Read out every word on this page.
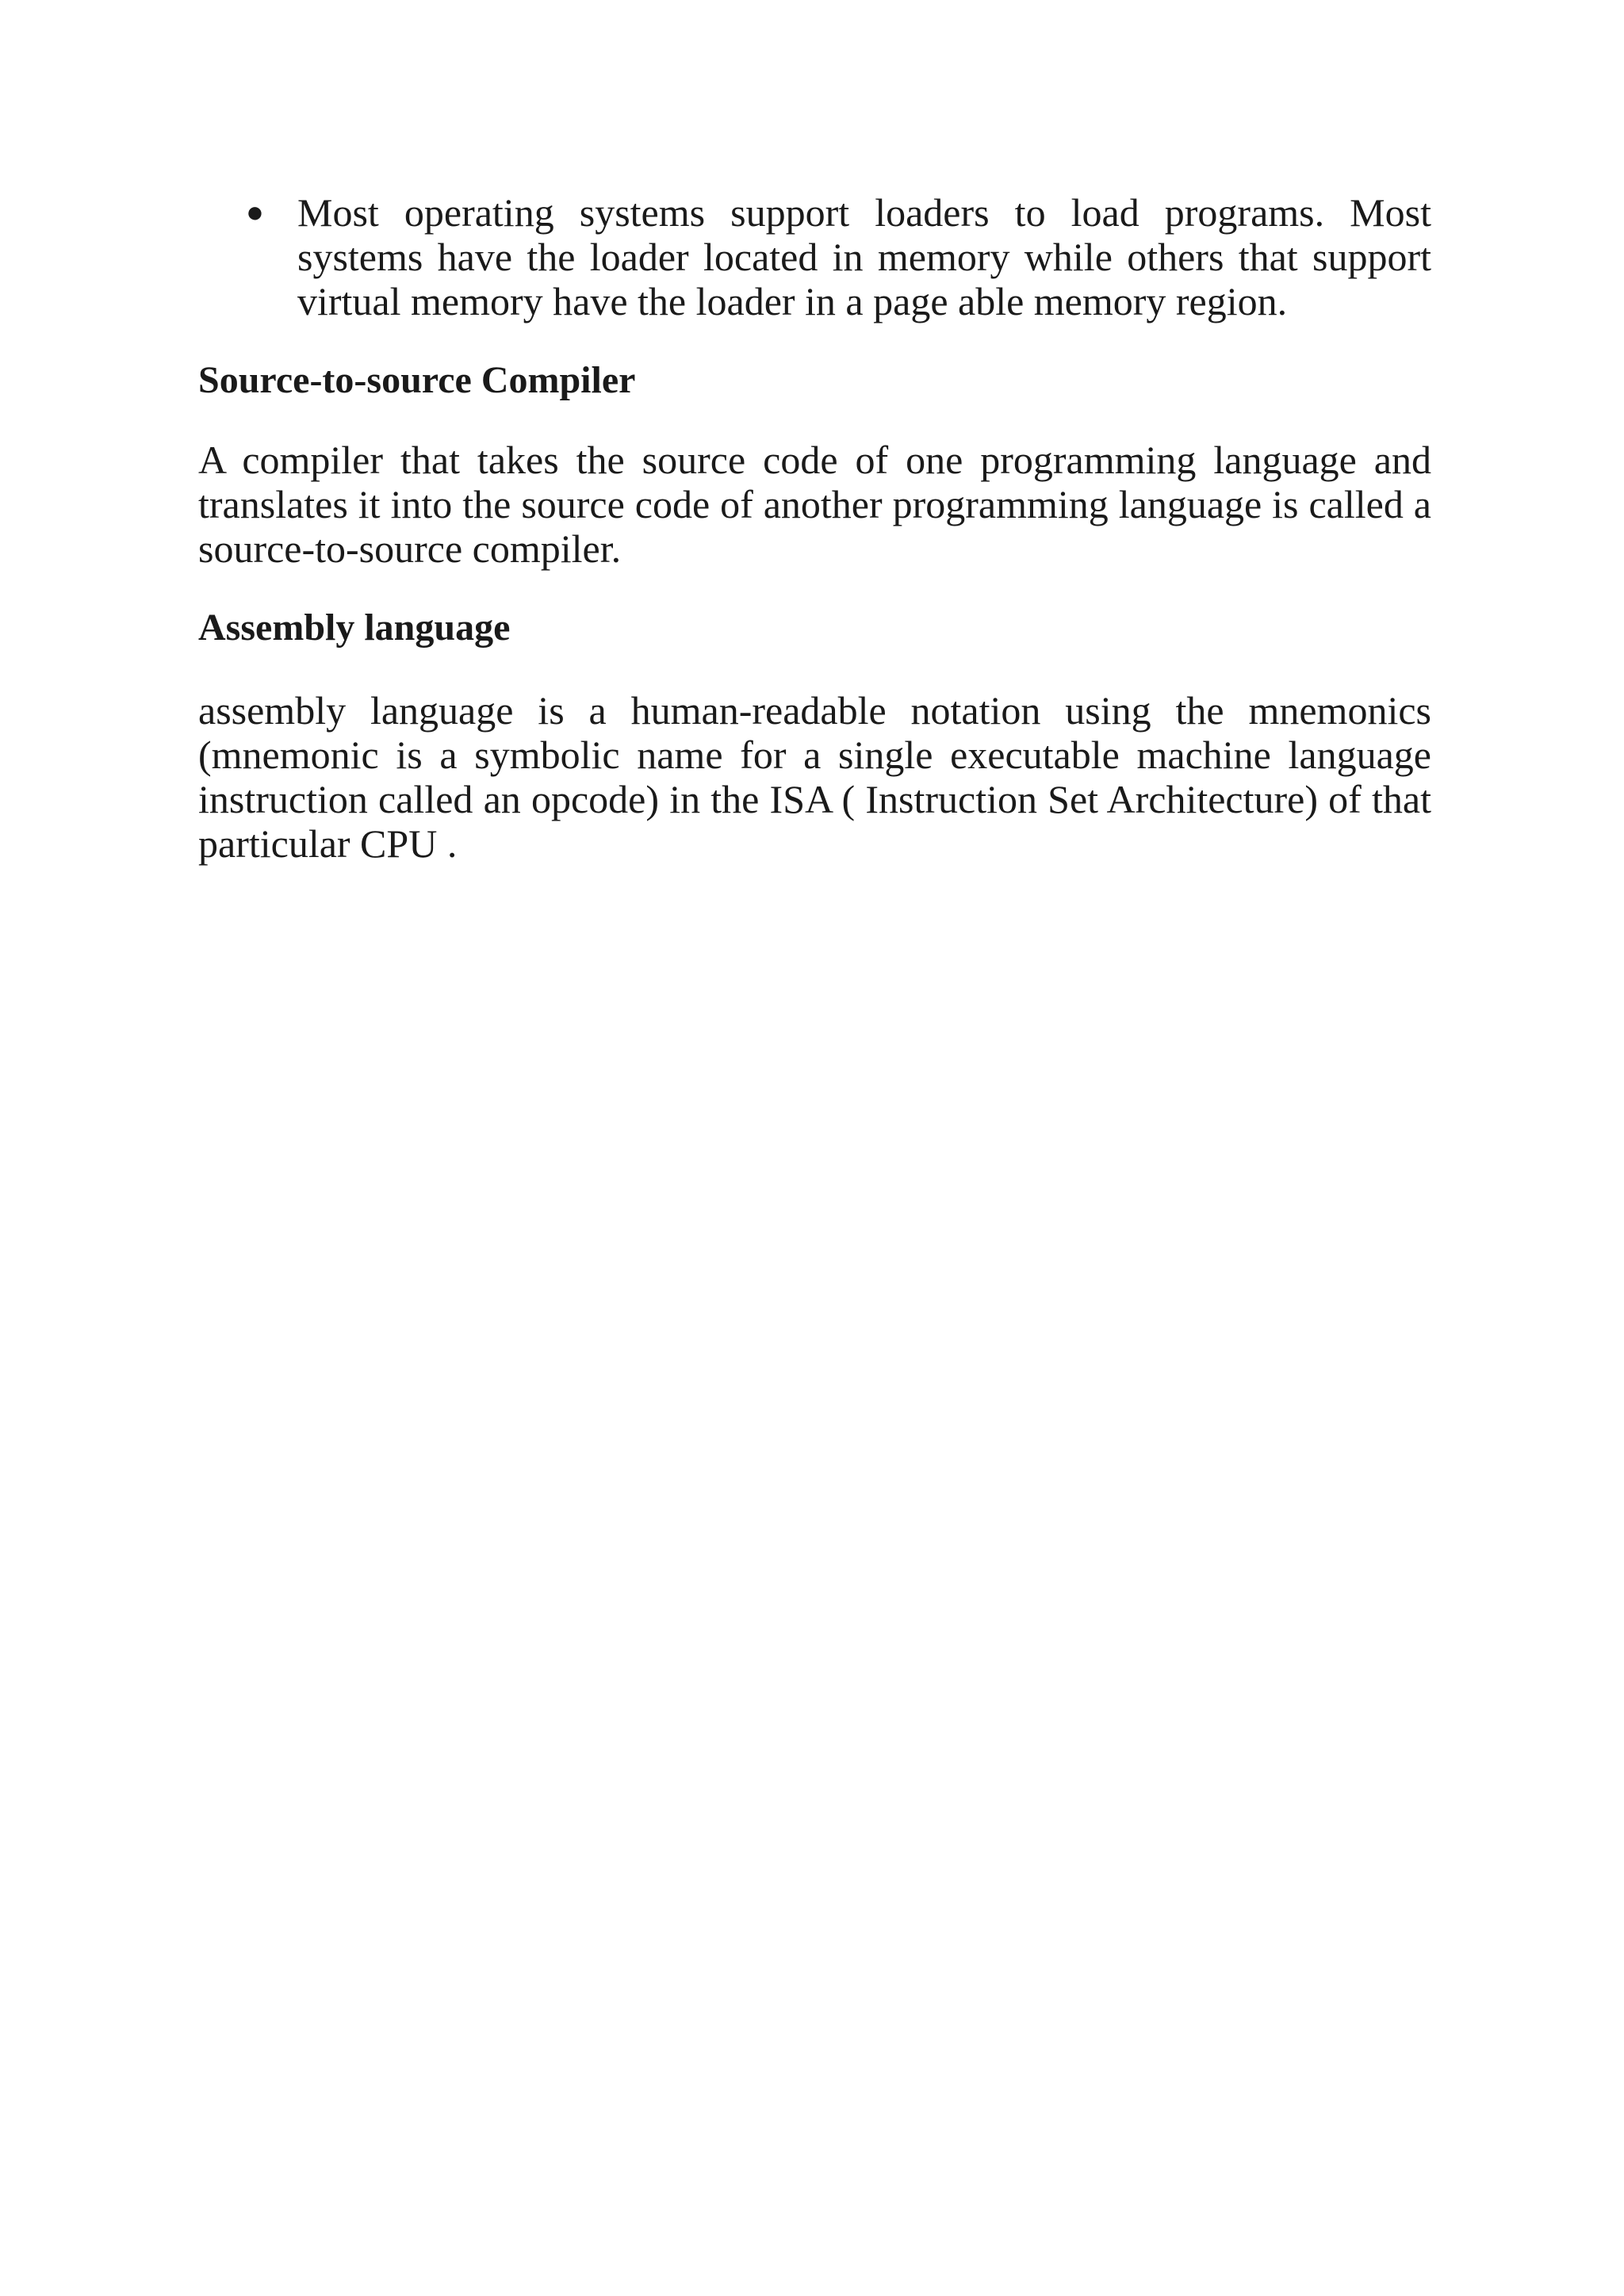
● Most operating systems support loaders to load programs. Most systems have the loader located in memory while others that support virtual memory have the loader in a page able memory region.

Source-to-source Compiler

A compiler that takes the source code of one programming language and translates it into the source code of another programming language is called a source-to-source compiler.

Assembly language

assembly language is a human-readable notation using the mnemonics (mnemonic is a symbolic name for a single executable machine language instruction called an opcode) in the ISA ( Instruction Set Architecture) of that particular CPU .
